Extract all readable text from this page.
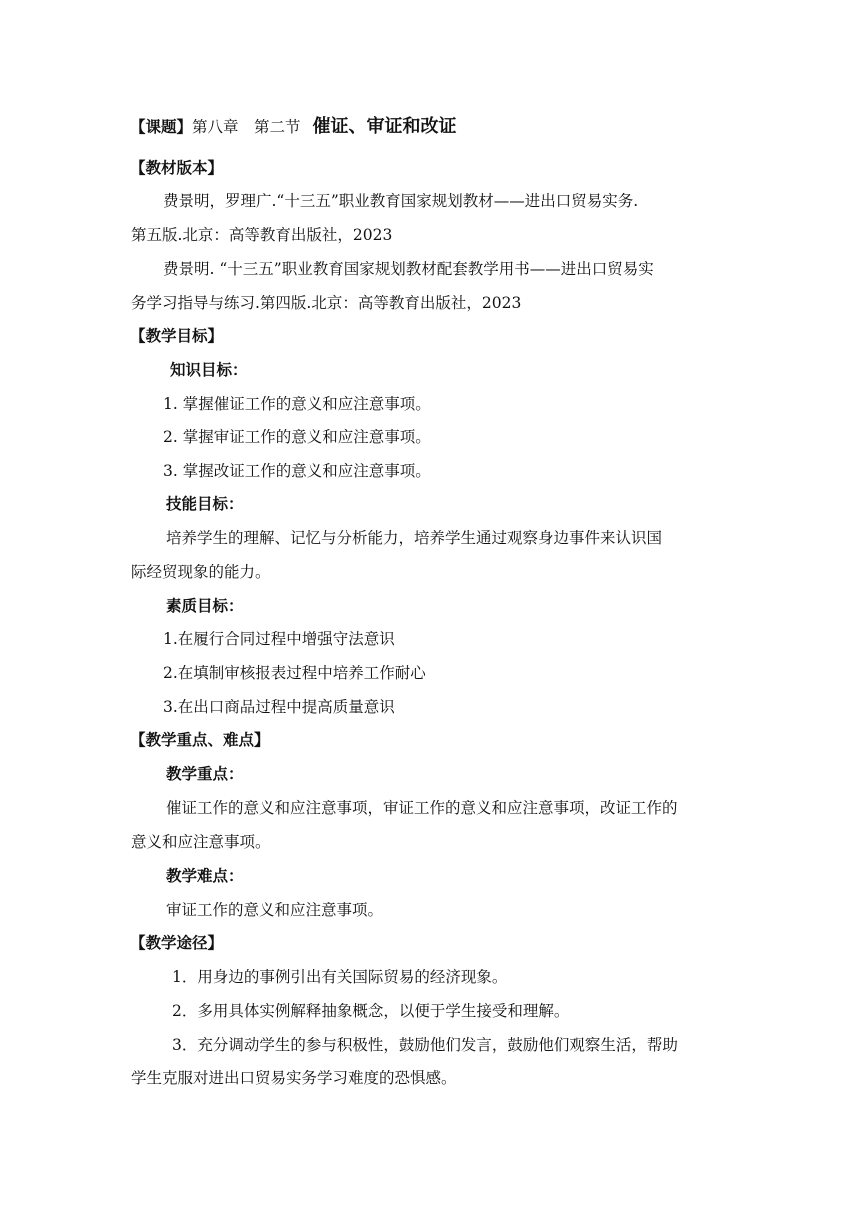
【课题】第八章　第二节 催证、审证和改证
【教材版本】
费景明，罗理广.“十三五”职业教育国家规划教材——进出口贸易实务.
第五版.北京：高等教育出版社，2023
费景明. “十三五”职业教育国家规划教材配套教学用书——进出口贸易实
务学习指导与练习.第四版.北京：高等教育出版社，2023
【教学目标】
知识目标：
1. 掌握催证工作的意义和应注意事项。
2. 掌握审证工作的意义和应注意事项。
3. 掌握改证工作的意义和应注意事项。
技能目标：
培养学生的理解、记忆与分析能力，培养学生通过观察身边事件来认识国
际经贸现象的能力。
素质目标：
1.在履行合同过程中增强守法意识
2.在填制审核报表过程中培养工作耐心
3.在出口商品过程中提高质量意识
【教学重点、难点】
教学重点：
催证工作的意义和应注意事项，审证工作的意义和应注意事项，改证工作的
意义和应注意事项。
教学难点：
审证工作的意义和应注意事项。
【教学途径】
1．用身边的事例引出有关国际贸易的经济现象。
2．多用具体实例解释抽象概念，以便于学生接受和理解。
3．充分调动学生的参与积极性，鼓励他们发言，鼓励他们观察生活，帮助
学生克服对进出口贸易实务学习难度的恐惧感。
